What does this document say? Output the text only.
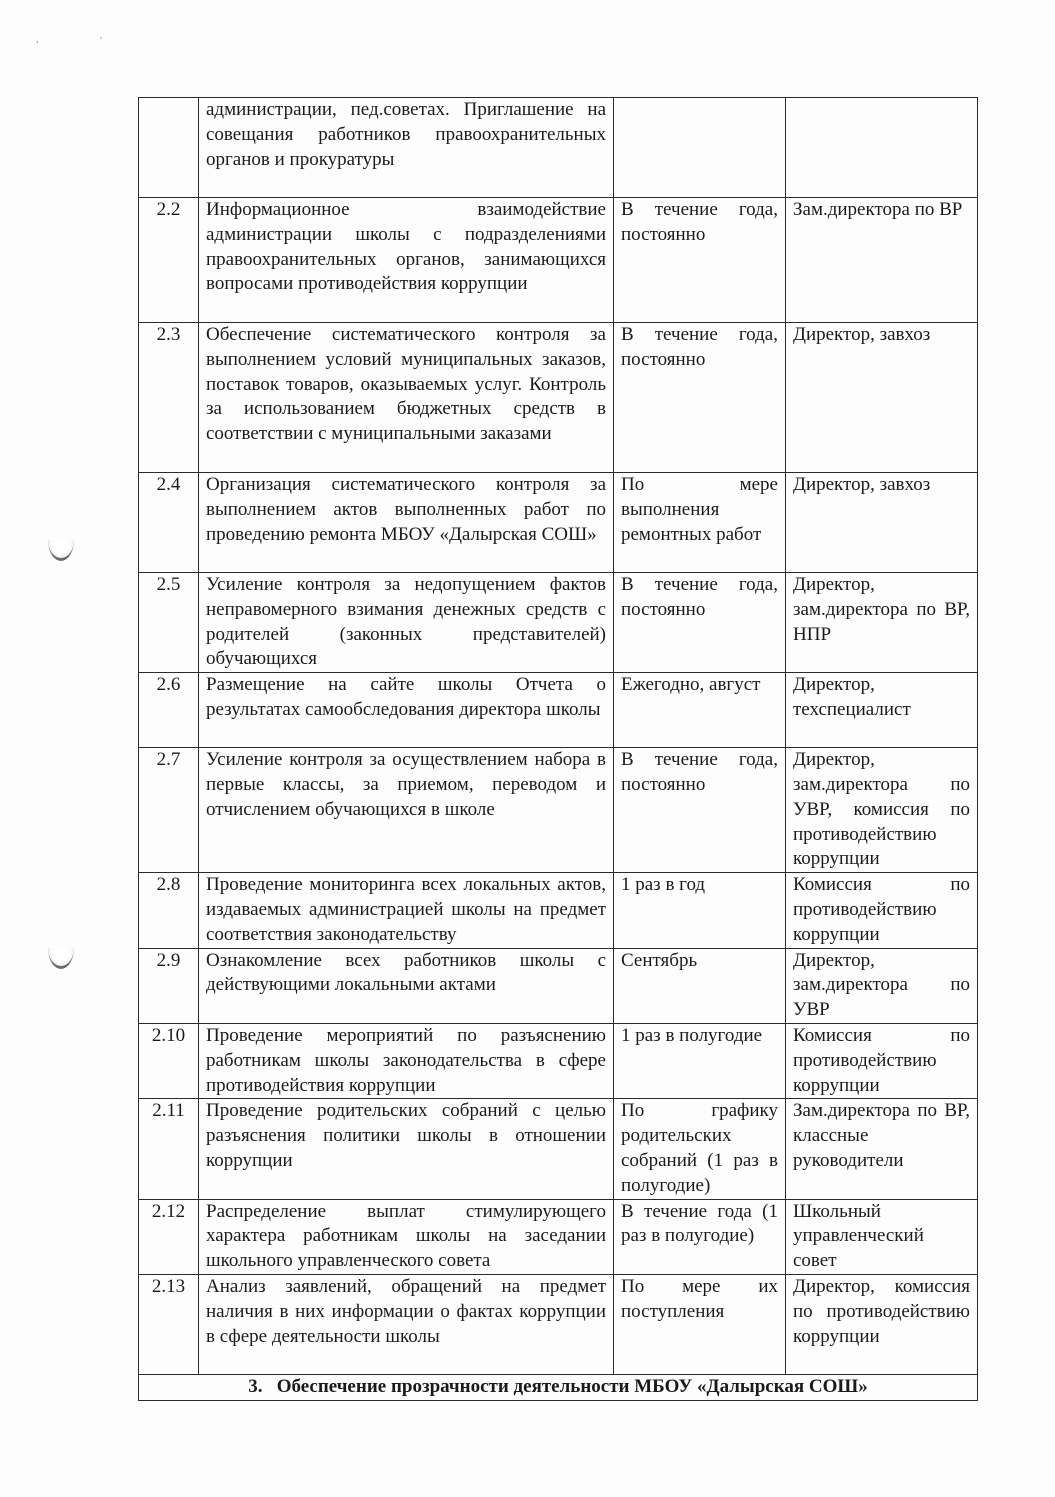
,	'
	администрации, пед.советах. Приглашение на совещания работников правоохранительных органов и прокуратуры		
2.2	Информационное взаимодействие администрации школы с подразделениями правоохранительных органов, занимающихся вопросами противодействия коррупции	В течение года, постоянно	Зам.директора по ВР
2.3	Обеспечение систематического контроля за выполнением условий муниципальных заказов, поставок товаров, оказываемых услуг. Контроль за использованием бюджетных средств в соответствии с муниципальными заказами	В течение года, постоянно	Директор, завхоз
2.4	Организация систематического контроля за выполнением актов выполненных работ по проведению ремонта МБОУ «Далырская СОШ»	По мере выполнения ремонтных работ	Директор, завхоз
2.5	Усиление контроля за недопущением фактов неправомерного взимания денежных средств с родителей (законных представителей) обучающихся	В течение года, постоянно	Директор, зам.директора по ВР, НПР
2.6	Размещение на сайте школы Отчета о результатах самообследования директора школы	Ежегодно, август	Директор, техспециалист
2.7	Усиление контроля за осуществлением набора в первые классы, за приемом, переводом и отчислением обучающихся в школе	В течение года, постоянно	Директор, зам.директора по УВР, комиссия по противодействию коррупции
2.8	Проведение мониторинга всех локальных актов, издаваемых администрацией школы на предмет соответствия законодательству	1 раз в год	Комиссия по противодействию коррупции
2.9	Ознакомление всех работников школы с действующими локальными актами	Сентябрь	Директор, зам.директора по УВР
2.10	Проведение мероприятий по разъяснению работникам школы законодательства в сфере противодействия коррупции	1 раз в полугодие	Комиссия по противодействию коррупции
2.11	Проведение родительских собраний с целью разъяснения политики школы в отношении коррупции	По графику родительских собраний (1 раз в полугодие)	Зам.директора по ВР, классные руководители
2.12	Распределение выплат стимулирующего характера работникам школы на заседании школьного управленческого совета	В течение года (1 раз в полугодие)	Школьный управленческий совет
2.13	Анализ заявлений, обращений на предмет наличия в них информации о фактах коррупции в сфере деятельности школы	По мере их поступления	Директор, комиссия по противодействию коррупции
3. Обеспечение прозрачности деятельности МБОУ «Далырская СОШ»			
